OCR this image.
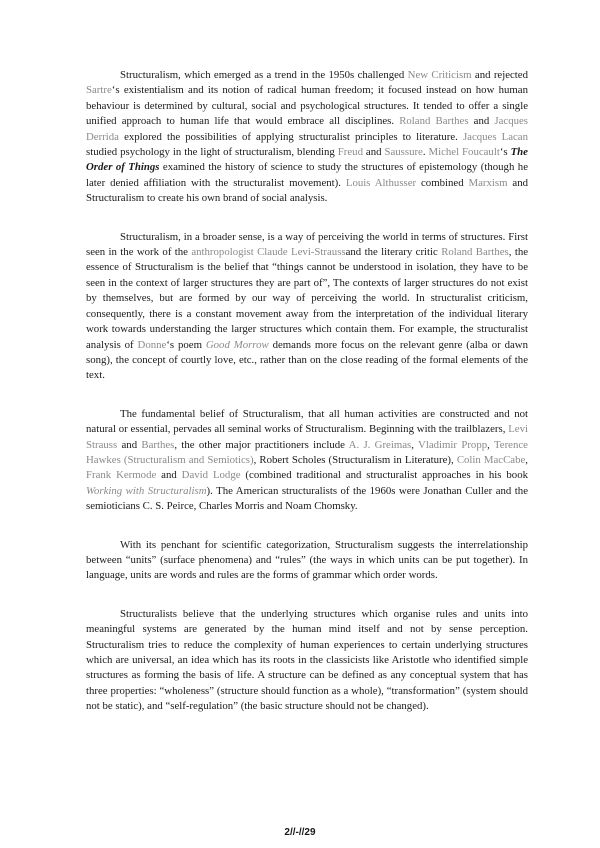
Structuralism, which emerged as a trend in the 1950s challenged New Criticism and rejected Sartre‘s existentialism and its notion of radical human freedom; it focused instead on how human behaviour is determined by cultural, social and psychological structures. It tended to offer a single unified approach to human life that would embrace all disciplines. Roland Barthes and Jacques Derrida explored the possibilities of applying structuralist principles to literature. Jacques Lacan studied psychology in the light of structuralism, blending Freud and Saussure. Michel Foucault‘s The Order of Things examined the history of science to study the structures of epistemology (though he later denied affiliation with the structuralist movement). Louis Althusser combined Marxism and Structuralism to create his own brand of social analysis.

Structuralism, in a broader sense, is a way of perceiving the world in terms of structures. First seen in the work of the anthropologist Claude Levi-Straussand the literary critic Roland Barthes, the essence of Structuralism is the belief that “things cannot be understood in isolation, they have to be seen in the context of larger structures they are part of”, The contexts of larger structures do not exist by themselves, but are formed by our way of perceiving the world. In structuralist criticism, consequently, there is a constant movement away from the interpretation of the individual literary work towards understanding the larger structures which contain them. For example, the structuralist analysis of Donne‘s poem Good Morrow demands more focus on the relevant genre (alba or dawn song), the concept of courtly love, etc., rather than on the close reading of the formal elements of the text.

The fundamental belief of Structuralism, that all human activities are constructed and not natural or essential, pervades all seminal works of Structuralism. Beginning with the trailblazers, Levi Strauss and Barthes, the other major practitioners include A. J. Greimas, Vladimir Propp, Terence Hawkes (Structuralism and Semiotics), Robert Scholes (Structuralism in Literature), Colin MacCabe, Frank Kermode and David Lodge (combined traditional and structuralist approaches in his book Working with Structuralism). The American structuralists of the 1960s were Jonathan Culler and the semioticians C. S. Peirce, Charles Morris and Noam Chomsky.

With its penchant for scientific categorization, Structuralism suggests the interrelationship between “units” (surface phenomena) and “rules” (the ways in which units can be put together). In language, units are words and rules are the forms of grammar which order words.

Structuralists believe that the underlying structures which organise rules and units into meaningful systems are generated by the human mind itself and not by sense perception. Structuralism tries to reduce the complexity of human experiences to certain underlying structures which are universal, an idea which has its roots in the classicists like Aristotle who identified simple structures as forming the basis of life. A structure can be defined as any conceptual system that has three properties: “wholeness” (structure should function as a whole), “transformation” (system should not be static), and “self-regulation” (the basic structure should not be changed).

2//-//29
